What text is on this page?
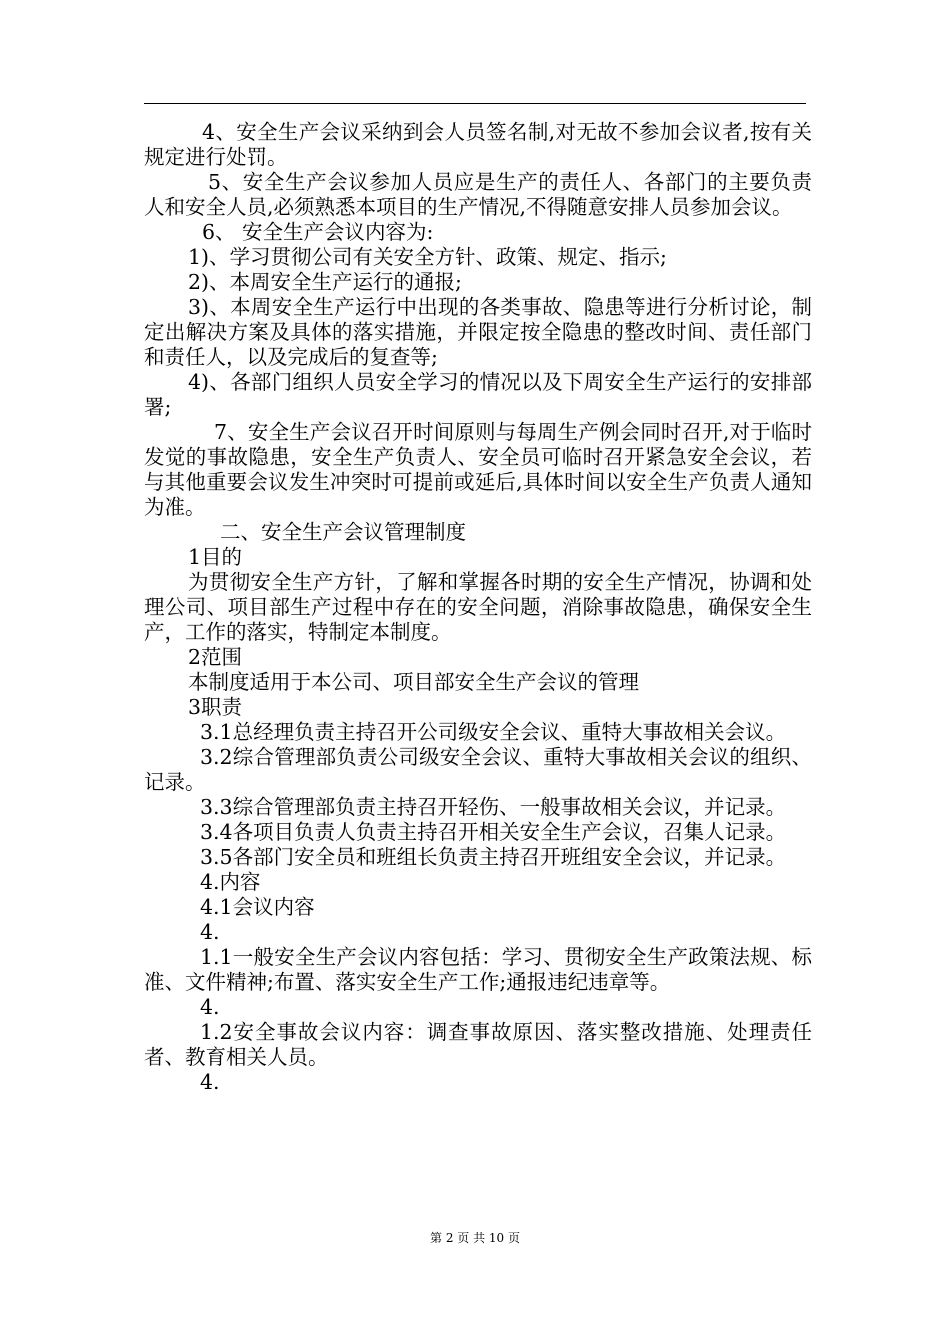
4、安全生产会议采纳到会人员签名制,对无故不参加会议者,按有关规定进行处罚。

5、安全生产会议参加人员应是生产的责任人、各部门的主要负责人和安全人员,必须熟悉本项目的生产情况,不得随意安排人员参加会议。

6、 安全生产会议内容为:

1)、学习贯彻公司有关安全方针、政策、规定、指示;

2)、本周安全生产运行的通报;

3)、本周安全生产运行中出现的各类事故、隐患等进行分析讨论，制定出解决方案及具体的落实措施，并限定按全隐患的整改时间、责任部门和责任人，以及完成后的复查等;

4)、各部门组织人员安全学习的情况以及下周安全生产运行的安排部署;

7、安全生产会议召开时间原则与每周生产例会同时召开,对于临时发觉的事故隐患，安全生产负责人、安全员可临时召开紧急安全会议，若与其他重要会议发生冲突时可提前或延后,具体时间以安全生产负责人通知为准。

二、安全生产会议管理制度

1目的

为贯彻安全生产方针，了解和掌握各时期的安全生产情况，协调和处理公司、项目部生产过程中存在的安全问题，消除事故隐患，确保安全生产，工作的落实，特制定本制度。

2范围

本制度适用于本公司、项目部安全生产会议的管理

3职责

3.1总经理负责主持召开公司级安全会议、重特大事故相关会议。

3.2综合管理部负责公司级安全会议、重特大事故相关会议的组织、记录。

3.3综合管理部负责主持召开轻伤、一般事故相关会议，并记录。

3.4各项目负责人负责主持召开相关安全生产会议，召集人记录。

3.5各部门安全员和班组长负责主持召开班组安全会议，并记录。

4.内容

4.1会议内容

4.

1.1一般安全生产会议内容包括：学习、贯彻安全生产政策法规、标准、文件精神;布置、落实安全生产工作;通报违纪违章等。

4.

1.2安全事故会议内容：调查事故原因、落实整改措施、处理责任者、教育相关人员。

4.

第 2 页 共 10 页
